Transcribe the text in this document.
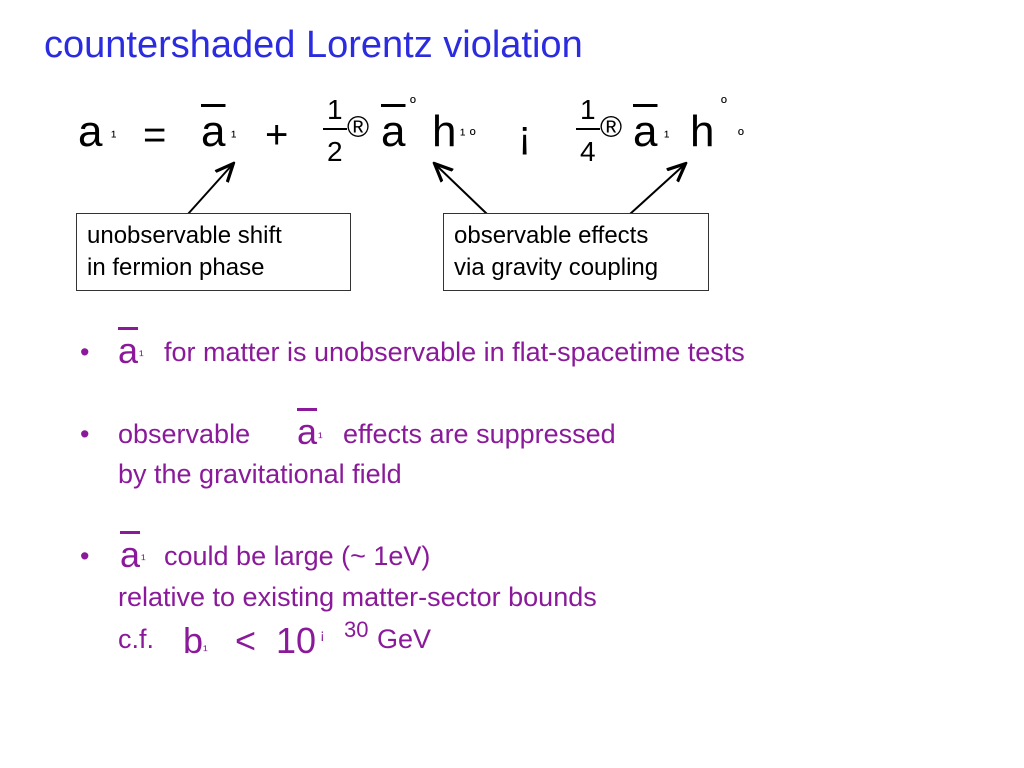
countershaded Lorentz violation
a $^1 = \overline{a}$ ¹ +
1
2
® $\overline{a}$
º
h ¹ º ¡
1
4
® $\overline{a}$ ¹ h
º
º
unobservable shift
in fermion phase
observable effects
via gravity coupling
• $\overline{a}$ ¹ for matter is unobservable in flat-spacetime tests
• observable $\overline{a}$ ¹ effects are suppressed
by the gravitational field
• $\overline{a}$ ¹ could be large (~ 1eV)
relative to existing matter-sector bounds
c.f. b ¹ < 10 ¡ 30 GeV
